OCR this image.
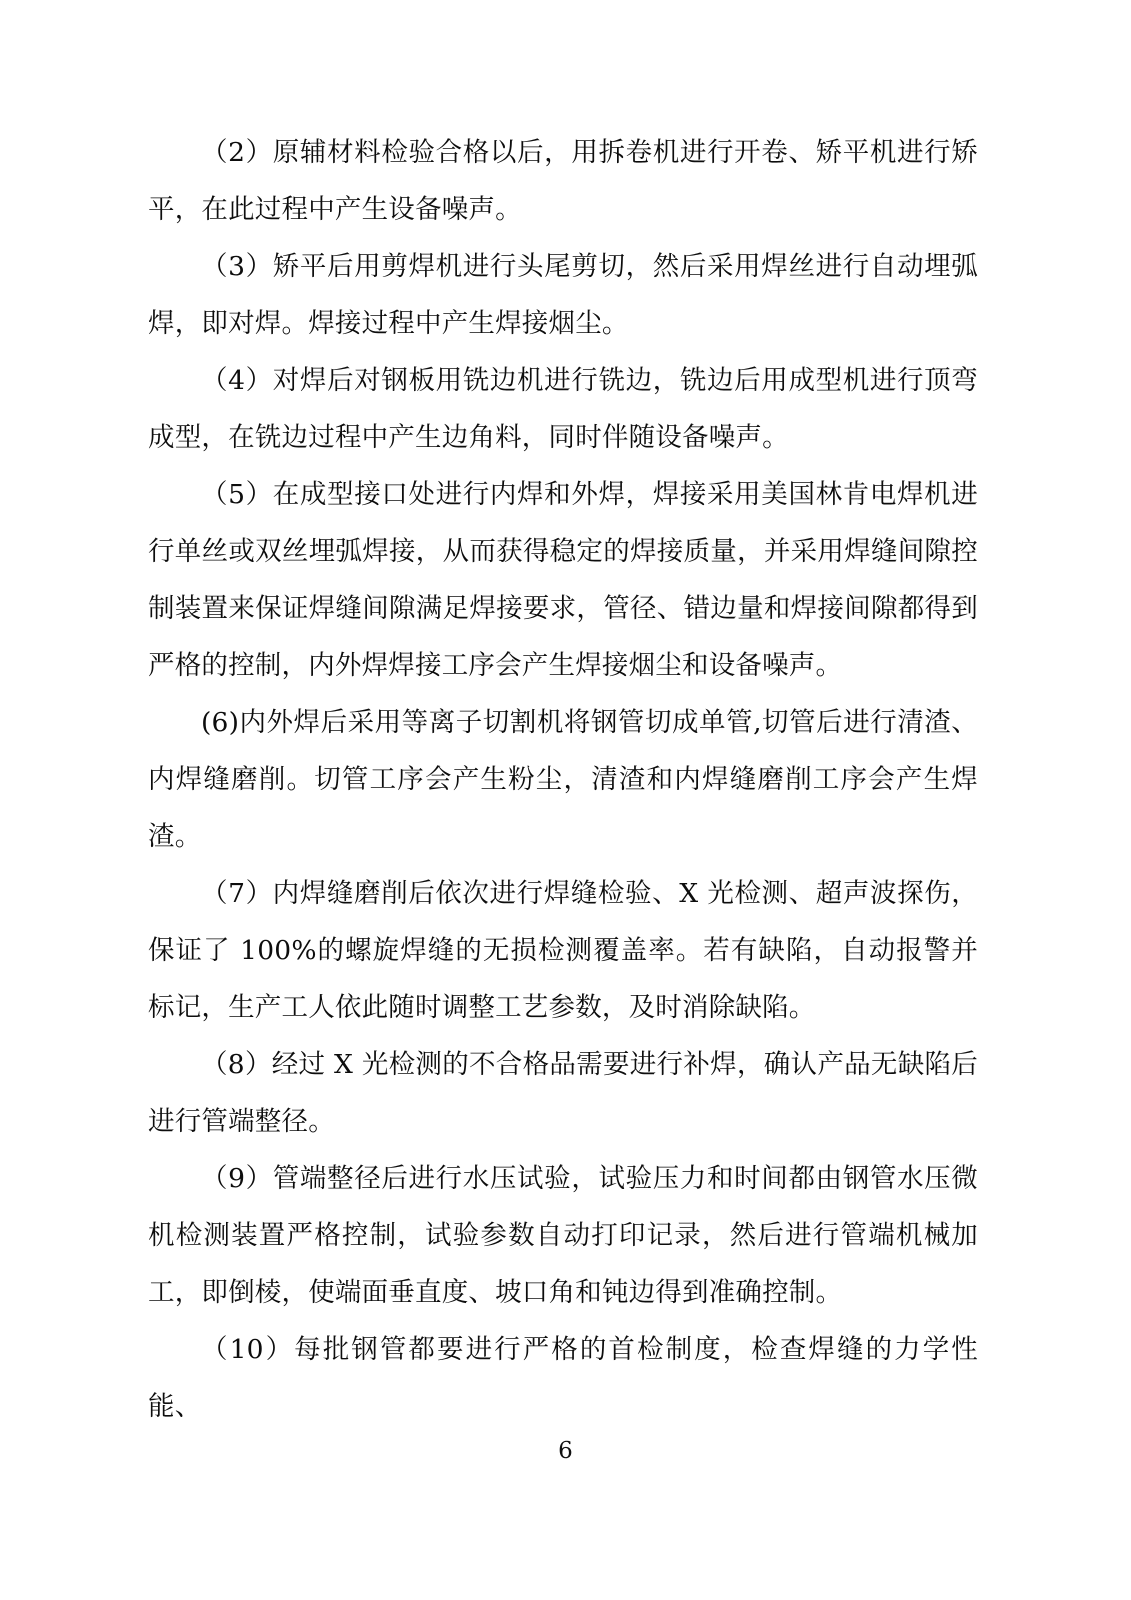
（2）原辅材料检验合格以后，用拆卷机进行开卷、矫平机进行矫平，在此过程中产生设备噪声。

（3）矫平后用剪焊机进行头尾剪切，然后采用焊丝进行自动埋弧焊，即对焊。焊接过程中产生焊接烟尘。

（4）对焊后对钢板用铣边机进行铣边，铣边后用成型机进行顶弯成型，在铣边过程中产生边角料，同时伴随设备噪声。

（5）在成型接口处进行内焊和外焊，焊接采用美国林肯电焊机进行单丝或双丝埋弧焊接，从而获得稳定的焊接质量，并采用焊缝间隙控制装置来保证焊缝间隙满足焊接要求，管径、错边量和焊接间隙都得到严格的控制，内外焊焊接工序会产生焊接烟尘和设备噪声。

(6)内外焊后采用等离子切割机将钢管切成单管,切管后进行清渣、内焊缝磨削。切管工序会产生粉尘，清渣和内焊缝磨削工序会产生焊渣。

（7）内焊缝磨削后依次进行焊缝检验、X 光检测、超声波探伤，保证了 100%的螺旋焊缝的无损检测覆盖率。若有缺陷，自动报警并标记，生产工人依此随时调整工艺参数，及时消除缺陷。

（8）经过 X 光检测的不合格品需要进行补焊，确认产品无缺陷后进行管端整径。

（9）管端整径后进行水压试验，试验压力和时间都由钢管水压微机检测装置严格控制，试验参数自动打印记录，然后进行管端机械加工，即倒棱，使端面垂直度、坡口角和钝边得到准确控制。

（10）每批钢管都要进行严格的首检制度，检查焊缝的力学性能、

6
